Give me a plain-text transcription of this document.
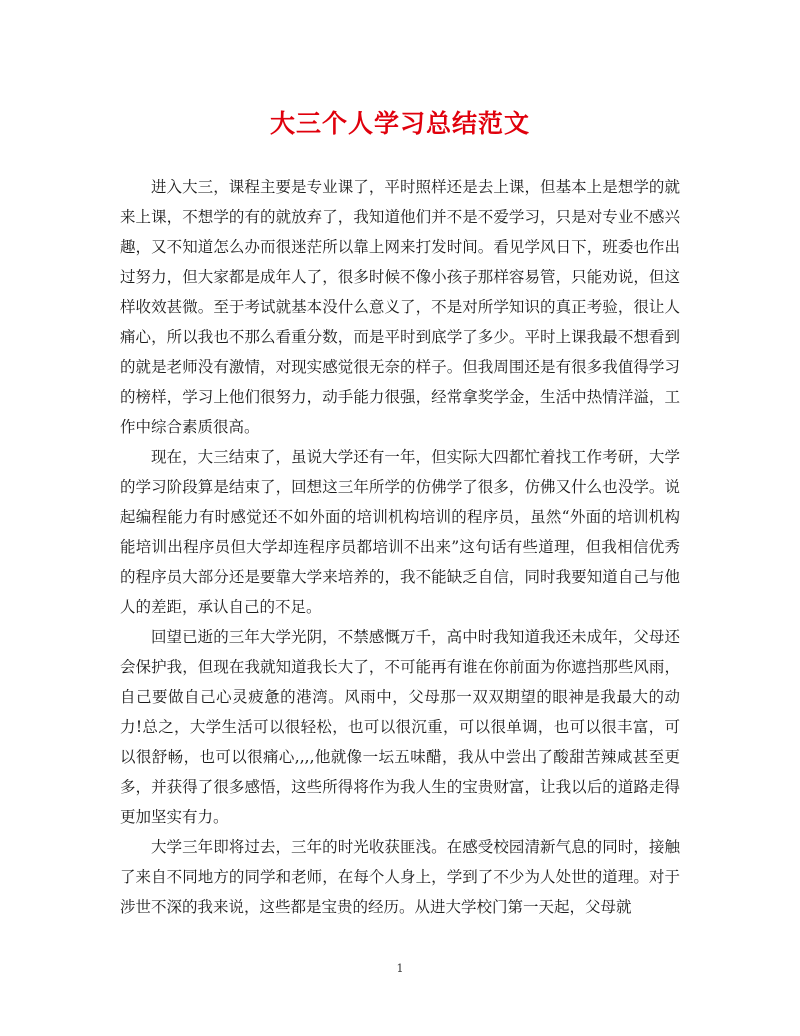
大三个人学习总结范文

进入大三，课程主要是专业课了，平时照样还是去上课，但基本上是想学的就来上课，不想学的有的就放弃了，我知道他们并不是不爱学习，只是对专业不感兴趣，又不知道怎么办而很迷茫所以靠上网来打发时间。看见学风日下，班委也作出过努力，但大家都是成年人了，很多时候不像小孩子那样容易管，只能劝说，但这样收效甚微。至于考试就基本没什么意义了，不是对所学知识的真正考验，很让人痛心，所以我也不那么看重分数，而是平时到底学了多少。平时上课我最不想看到的就是老师没有激情，对现实感觉很无奈的样子。但我周围还是有很多我值得学习的榜样，学习上他们很努力，动手能力很强，经常拿奖学金，生活中热情洋溢，工作中综合素质很高。

现在，大三结束了，虽说大学还有一年，但实际大四都忙着找工作考研，大学的学习阶段算是结束了，回想这三年所学的仿佛学了很多，仿佛又什么也没学。说起编程能力有时感觉还不如外面的培训机构培训的程序员，虽然“外面的培训机构能培训出程序员但大学却连程序员都培训不出来”这句话有些道理，但我相信优秀的程序员大部分还是要靠大学来培养的，我不能缺乏自信，同时我要知道自己与他人的差距，承认自己的不足。

回望已逝的三年大学光阴，不禁感慨万千，高中时我知道我还未成年，父母还会保护我，但现在我就知道我长大了，不可能再有谁在你前面为你遮挡那些风雨，自己要做自己心灵疲惫的港湾。风雨中，父母那一双双期望的眼神是我最大的动力!总之，大学生活可以很轻松，也可以很沉重，可以很单调，也可以很丰富，可以很舒畅，也可以很痛心,,,,他就像一坛五味醋，我从中尝出了酸甜苦辣咸甚至更多，并获得了很多感悟，这些所得将作为我人生的宝贵财富，让我以后的道路走得更加坚实有力。

大学三年即将过去，三年的时光收获匪浅。在感受校园清新气息的同时，接触了来自不同地方的同学和老师，在每个人身上，学到了不少为人处世的道理。对于涉世不深的我来说，这些都是宝贵的经历。从进大学校门第一天起，父母就

1
